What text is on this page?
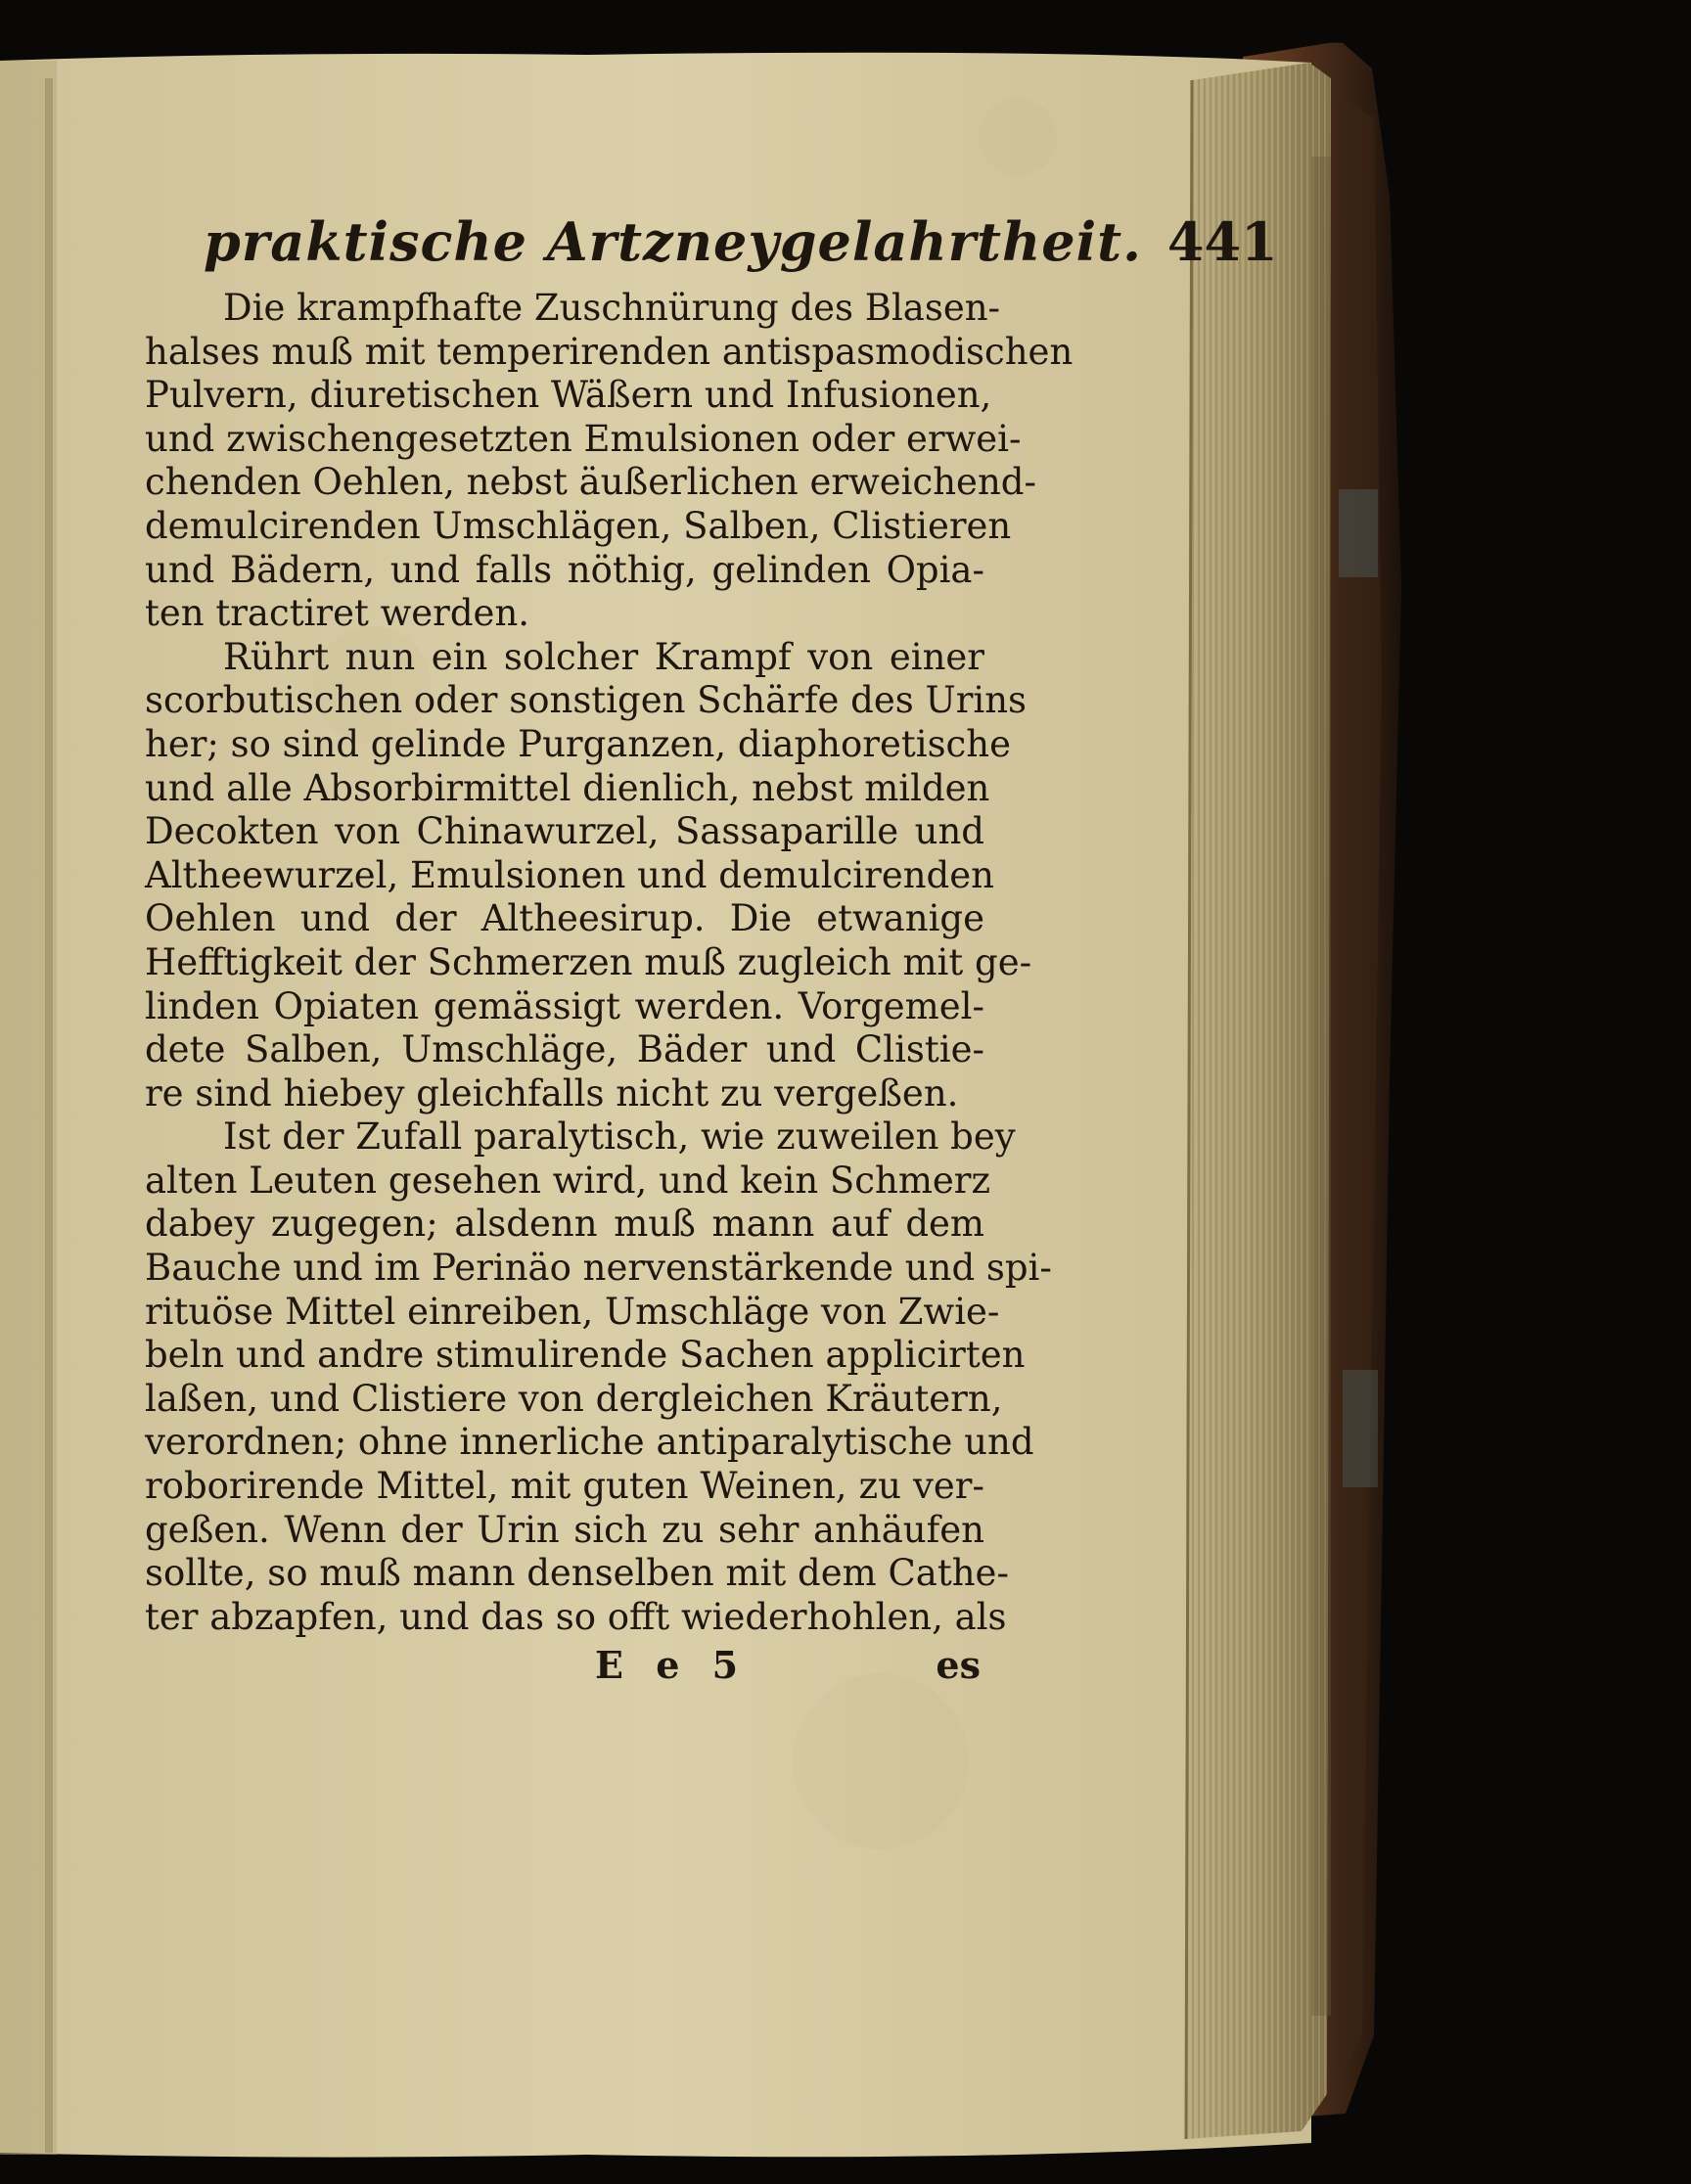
praktische Artzneygelahrtheit. 441
Die krampfhafte Zuschnürung des Blasen-
halses muß mit temperirenden antispasmodischen
Pulvern, diuretischen Wäßern und Infusionen,
und zwischengesetzten Emulsionen oder erwei-
chenden Oehlen, nebst äußerlichen erweichend-
demulcirenden Umschlägen, Salben, Clistieren
und Bädern, und falls nöthig, gelinden Opia-
ten tractiret werden.
Rührt nun ein solcher Krampf von einer
scorbutischen oder sonstigen Schärfe des Urins
her; so sind gelinde Purganzen, diaphoretische
und alle Absorbirmittel dienlich, nebst milden
Decokten von Chinawurzel, Sassaparille und
Altheewurzel, Emulsionen und demulcirenden
Oehlen und der Altheesirup. Die etwanige
Hefftigkeit der Schmerzen muß zugleich mit ge-
linden Opiaten gemässigt werden. Vorgemel-
dete Salben, Umschläge, Bäder und Clistie-
re sind hiebey gleichfalls nicht zu vergeßen.
Ist der Zufall paralytisch, wie zuweilen bey
alten Leuten gesehen wird, und kein Schmerz
dabey zugegen; alsdenn muß mann auf dem
Bauche und im Perinäo nervenstärkende und spi-
rituöse Mittel einreiben, Umschläge von Zwie-
beln und andre stimulirende Sachen applicirten
laßen, und Clistiere von dergleichen Kräutern,
verordnen; ohne innerliche antiparalytische und
roborirende Mittel, mit guten Weinen, zu ver-
geßen. Wenn der Urin sich zu sehr anhäufen
sollte, so muß mann denselben mit dem Cathe-
ter abzapfen, und das so offt wiederhohlen, als
E e 5	es
